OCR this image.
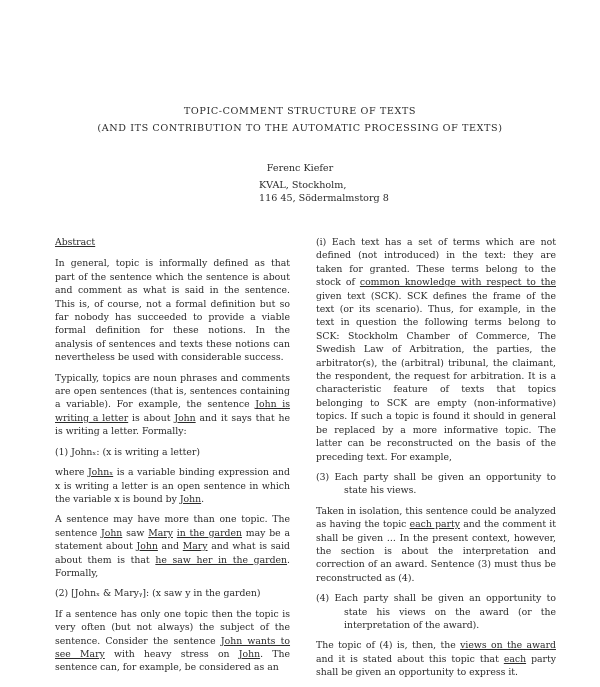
TOPIC-COMMENT STRUCTURE OF TEXTS
(AND ITS CONTRIBUTION TO THE AUTOMATIC PROCESSING OF TEXTS)
Ferenc Kiefer
KVAL, Stockholm,
116 45, Södermalmstorg 8

Abstract

In general, topic is informally defined as that part of the sentence which the sentence is about and comment as what is said in the sentence. This is, of course, not a formal definition but so far nobody has succeeded to provide a viable formal definition for these notions. In the analysis of sentences and texts these notions can nevertheless be used with considerable success.

Typically, topics are noun phrases and comments are open sentences (that is, sentences containing a variable). For example, the sentence John is writing a letter is about John and it says that he is writing a letter. Formally:

(1) Johnₓ: (x is writing a letter)

where Johnₓ is a variable binding expression and x is writing a letter is an open sentence in which the variable x is bound by John.

A sentence may have more than one topic. The sentence John saw Mary in the garden may be a statement about John and Mary and what is said about them is that he saw her in the garden. Formally,

(2) [Johnₓ & Maryᵧ]: (x saw y in the garden)

If a sentence has only one topic then the topic is very often (but not always) the subject of the sentence. Consider the sentence John wants to see Mary with heavy stress on John. The sentence can, for example, be considered as an

(i) Each text has a set of terms which are not defined (not introduced) in the text: they are taken for granted. These terms belong to the stock of common knowledge with respect to the given text (SCK). SCK defines the frame of the text (or its scenario). Thus, for example, in the text in question the following terms belong to SCK: Stockholm Chamber of Commerce, The Swedish Law of Arbitration, the parties, the arbitrator(s), the (arbitral) tribunal, the claimant, the respondent, the request for arbitration. It is a characteristic feature of texts that topics belonging to SCK are empty (non-informative) topics. If such a topic is found it should in general be replaced by a more informative topic. The latter can be reconstructed on the basis of the preceding text. For example,

(3) Each party shall be given an opportunity to state his views.

Taken in isolation, this sentence could be analyzed as having the topic each party and the comment it shall be given ... In the present context, however, the section is about the interpretation and correction of an award. Sentence (3) must thus be reconstructed as (4).

(4) Each party shall be given an opportunity to state his views on the award (or the interpretation of the award).

The topic of (4) is, then, the views on the award and it is stated about this topic that each party shall be given an opportunity to express it.
